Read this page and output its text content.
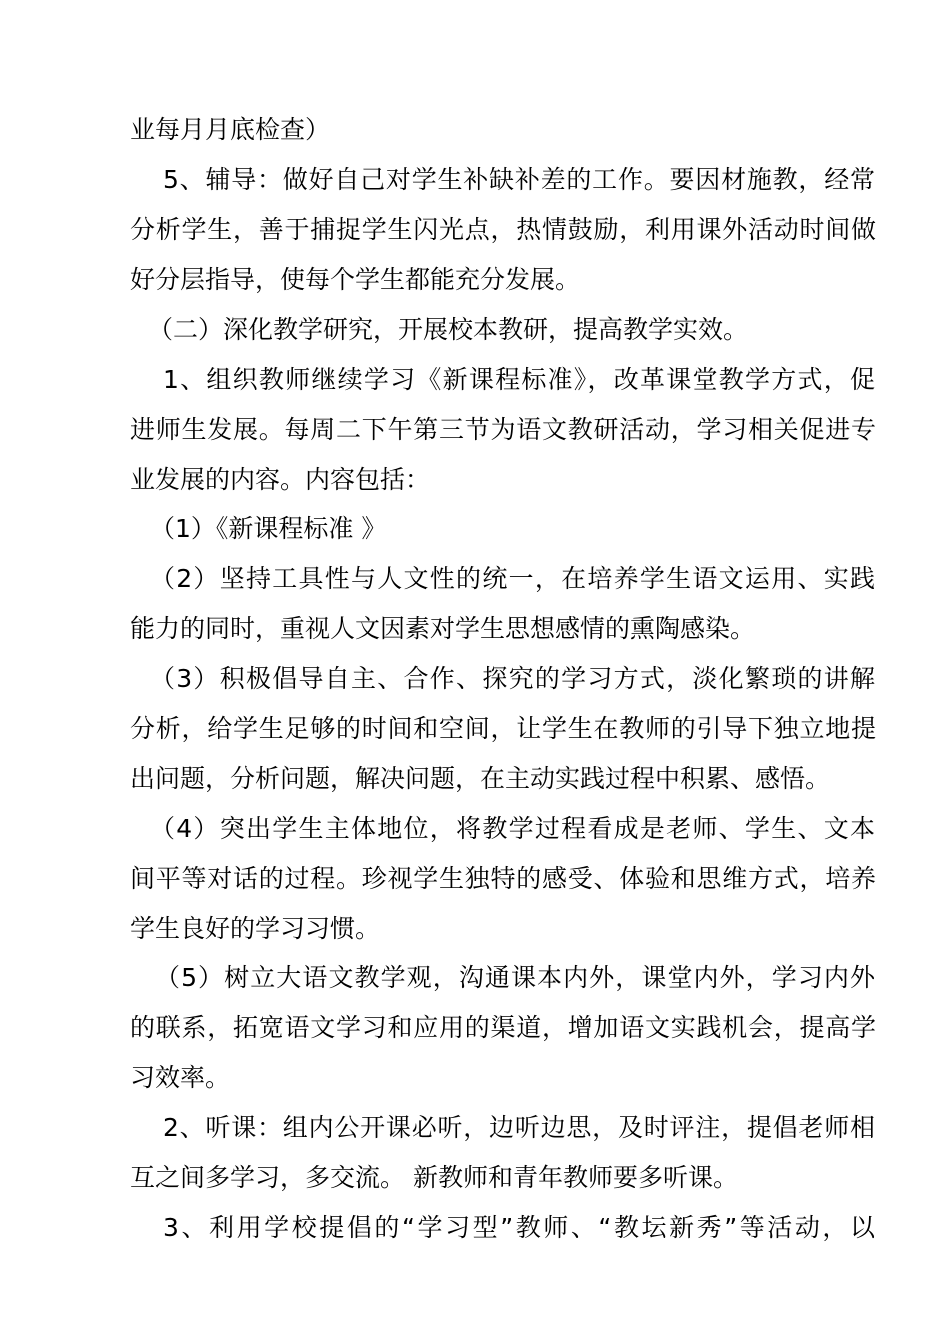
业每月月底检查）
5、辅导：做好自己对学生补缺补差的工作。要因材施教，经常
分析学生，善于捕捉学生闪光点，热情鼓励，利用课外活动时间做
好分层指导，使每个学生都能充分发展。
（二）深化教学研究，开展校本教研，提高教学实效。
1、组织教师继续学习《新课程标准》，改革课堂教学方式，促
进师生发展。每周二下午第三节为语文教研活动，学习相关促进专
业发展的内容。内容包括：
（1）《新课程标准 》
（2）坚持工具性与人文性的统一，在培养学生语文运用、实践
能力的同时，重视人文因素对学生思想感情的熏陶感染。
（3）积极倡导自主、合作、探究的学习方式，淡化繁琐的讲解
分析，给学生足够的时间和空间，让学生在教师的引导下独立地提
出问题，分析问题，解决问题，在主动实践过程中积累、感悟。
（4）突出学生主体地位，将教学过程看成是老师、学生、文本
间平等对话的过程。珍视学生独特的感受、体验和思维方式，培养
学生良好的学习习惯。
（5）树立大语文教学观，沟通课本内外，课堂内外，学习内外
的联系，拓宽语文学习和应用的渠道，增加语文实践机会，提高学
习效率。
2、听课：组内公开课必听，边听边思，及时评注，提倡老师相
互之间多学习，多交流。 新教师和青年教师要多听课。
3、利用学校提倡的“学习型”教师、“教坛新秀”等活动，以
